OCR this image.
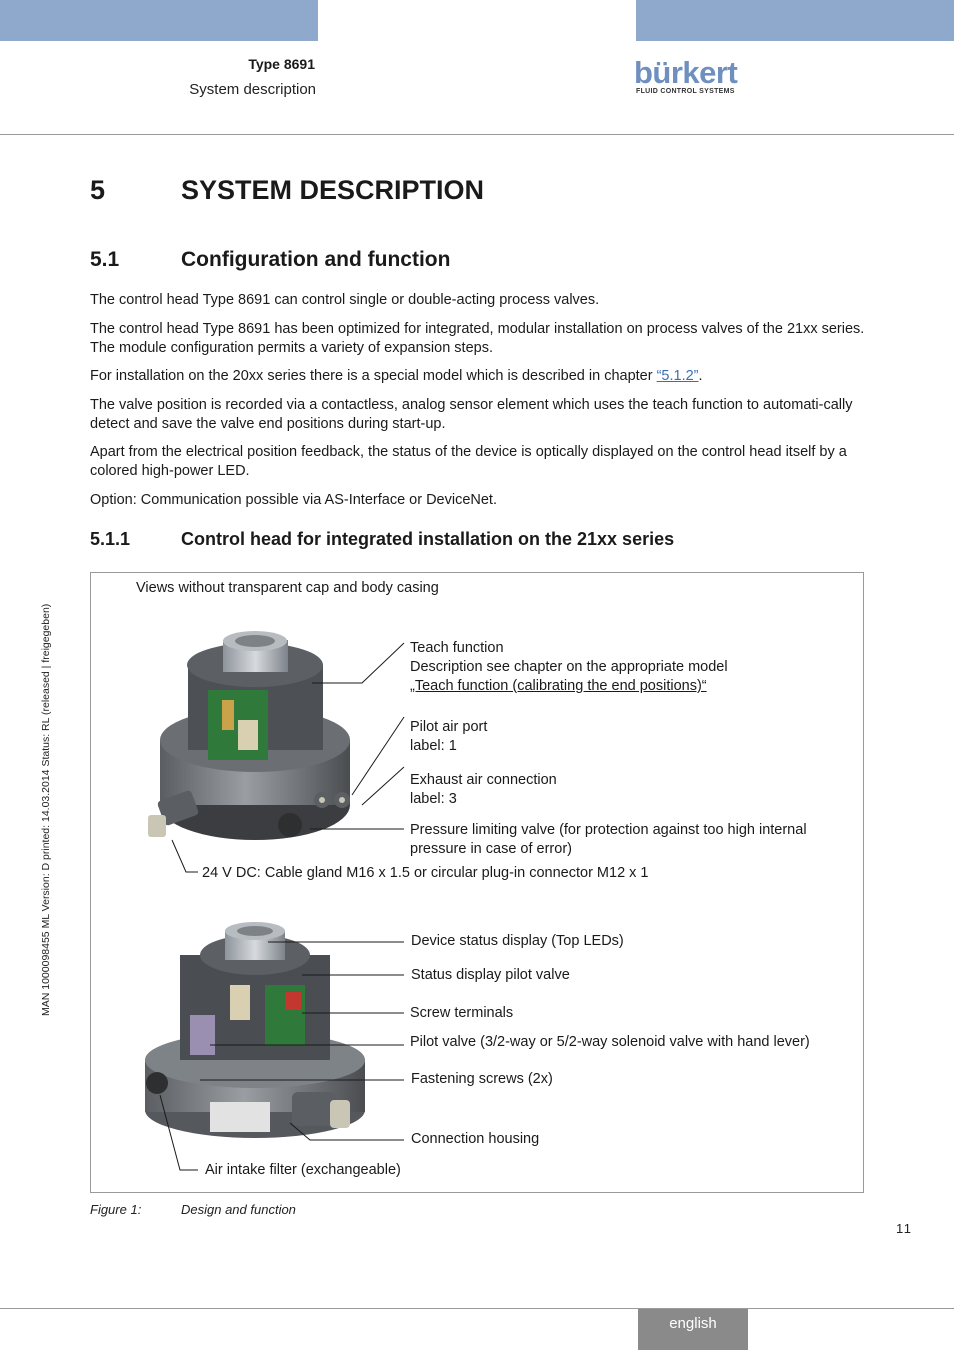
Type 8691
System description	bürkert
FLUID CONTROL SYSTEMS
MAN 1000098455 ML Version: D printed: 14.03.2014 Status: RL (released | freigegeben)
5	SYSTEM DESCRIPTION
5.1	Configuration and function
The control head Type 8691 can control single or double-acting process valves.
The control head Type 8691 has been optimized for integrated, modular installation on process valves of the 21xx series. The module configuration permits a variety of expansion steps.
For installation on the 20xx series there is a special model which is described in chapter “5.1.2”.
The valve position is recorded via a contactless, analog sensor element which uses the teach function to automati-cally detect and save the valve end positions during start-up.
Apart from the electrical position feedback, the status of the device is optically displayed on the control head itself by a colored high-power LED.
Option: Communication possible via AS-Interface or DeviceNet.
5.1.1	Control head for integrated installation on the 21xx series
Views without transparent cap and body casing
Teach function
Description see chapter on the appropriate model
„Teach function (calibrating the end positions)“
Pilot air port
label: 1
Exhaust air connection
label: 3
Pressure limiting valve (for protection against too high internal
pressure in case of error)
24 V DC: Cable gland M16 x 1.5 or circular plug-in connector M12 x 1
Device status display (Top LEDs)
Status display pilot valve
Screw terminals
Pilot valve (3/2-way or 5/2-way solenoid valve with hand lever)
Fastening screws (2x)
Connection housing
Air intake filter (exchangeable)
Figure 1:	Design and function
11
english
